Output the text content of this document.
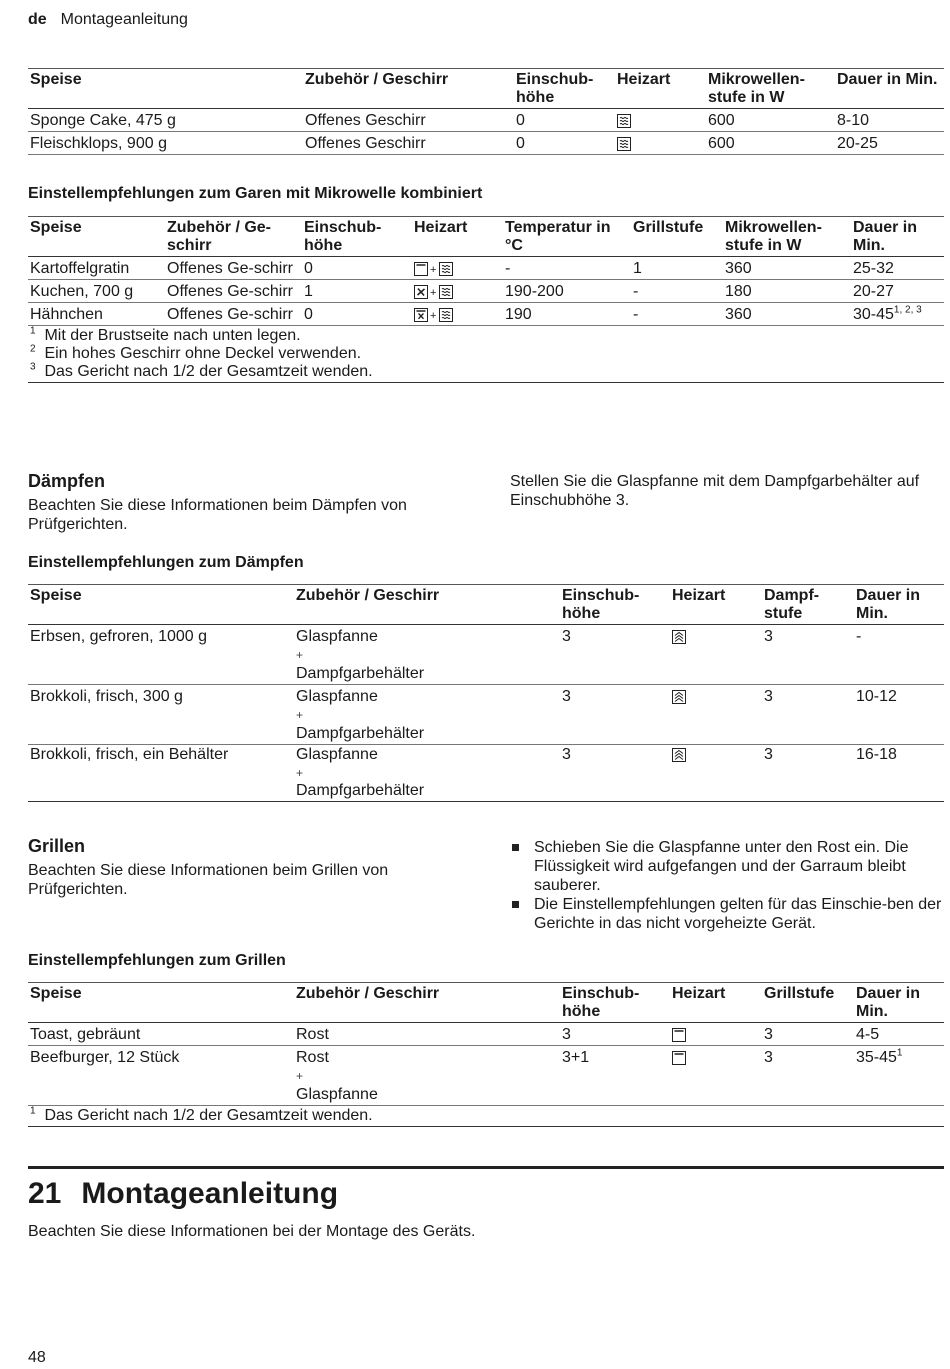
de Montageanleitung
Speise	Zubehör / Geschirr	Einschub-höhe	Heizart	Mikrowellen-stufe in W	Dauer in Min.
Sponge Cake, 475 g	Offenes Geschirr	0		600	8-10
Fleischklops, 900 g	Offenes Geschirr	0		600	20-25
Einstellempfehlungen zum Garen mit Mikrowelle kombiniert
Speise	Zubehör / Ge-schirr	Einschub-höhe	Heizart	Temperatur in °C	Grillstufe	Mikrowellen-stufe in W	Dauer in Min.
Kartoffelgratin	Offenes Ge-schirr	0	+	-	1	360	25-32
Kuchen, 700 g	Offenes Ge-schirr	1	+	190-200	-	180	20-27
Hähnchen	Offenes Ge-schirr	0	+	190	-	360	30-45$^{1, 2, 3}$

$^1$ Mit der Brustseite nach unten legen.
$^2$ Ein hohes Geschirr ohne Deckel verwenden.
$^3$ Das Gericht nach 1/2 der Gesamtzeit wenden.							
Dämpfen

Beachten Sie diese Informationen beim Dämpfen von Prüfgerichten.

Stellen Sie die Glaspfanne mit dem Dampfgarbehälter auf Einschubhöhe 3.

Einstellempfehlungen zum Dämpfen
Speise	Zubehör / Geschirr	Einschub-höhe	Heizart	Dampf-stufe	Dauer in Min.
Erbsen, gefroren, 1000 g	Glaspfanne
+
Dampfgarbehälter	3		3	-
Brokkoli, frisch, 300 g	Glaspfanne
+
Dampfgarbehälter	3		3	10-12
Brokkoli, frisch, ein Behälter	Glaspfanne
+
Dampfgarbehälter	3		3	16-18
Grillen

Beachten Sie diese Informationen beim Grillen von Prüfgerichten.

Schieben Sie die Glaspfanne unter den Rost ein. Die Flüssigkeit wird aufgefangen und der Garraum bleibt sauberer.
Die Einstellempfehlungen gelten für das Einschie-ben der Gerichte in das nicht vorgeheizte Gerät.
Einstellempfehlungen zum Grillen
Speise	Zubehör / Geschirr	Einschub-höhe	Heizart	Grillstufe	Dauer in Min.
Toast, gebräunt	Rost	3		3	4-5
Beefburger, 12 Stück	Rost
+
Glaspfanne	3+1		3	$35-45^1$

$^1$ Das Gericht nach 1/2 der Gesamtzeit wenden.					
21 Montageanleitung

Beachten Sie diese Informationen bei der Montage des Geräts.

48
